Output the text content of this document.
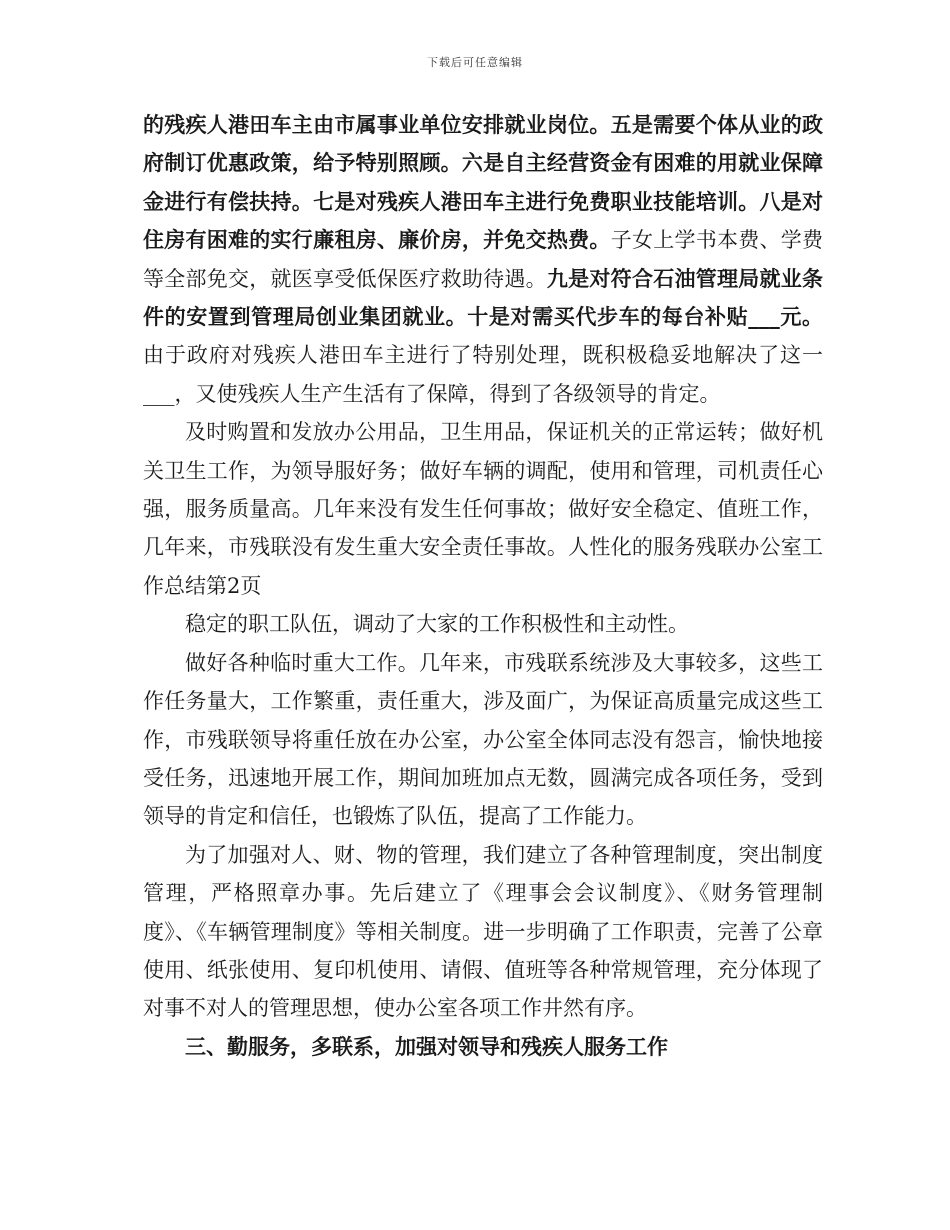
下载后可任意编辑

的残疾人港田车主由市属事业单位安排就业岗位。五是需要个体从业的政府制订优惠政策，给予特别照顾。六是自主经营资金有困难的用就业保障金进行有偿扶持。七是对残疾人港田车主进行免费职业技能培训。八是对住房有困难的实行廉租房、廉价房，并免交热费。子女上学书本费、学费等全部免交，就医享受低保医疗救助待遇。九是对符合石油管理局就业条件的安置到管理局创业集团就业。十是对需买代步车的每台补贴___元。由于政府对残疾人港田车主进行了特别处理，既积极稳妥地解决了这一___，又使残疾人生产生活有了保障，得到了各级领导的肯定。

及时购置和发放办公用品，卫生用品，保证机关的正常运转；做好机关卫生工作，为领导服好务；做好车辆的调配，使用和管理，司机责任心强，服务质量高。几年来没有发生任何事故；做好安全稳定、值班工作，几年来，市残联没有发生重大安全责任事故。人性化的服务残联办公室工作总结第2页

稳定的职工队伍，调动了大家的工作积极性和主动性。

做好各种临时重大工作。几年来，市残联系统涉及大事较多，这些工作任务量大，工作繁重，责任重大，涉及面广，为保证高质量完成这些工作，市残联领导将重任放在办公室，办公室全体同志没有怨言，愉快地接受任务，迅速地开展工作，期间加班加点无数，圆满完成各项任务，受到领导的肯定和信任，也锻炼了队伍，提高了工作能力。

为了加强对人、财、物的管理，我们建立了各种管理制度，突出制度管理，严格照章办事。先后建立了《理事会会议制度》、《财务管理制度》、《车辆管理制度》等相关制度。进一步明确了工作职责，完善了公章使用、纸张使用、复印机使用、请假、值班等各种常规管理，充分体现了对事不对人的管理思想，使办公室各项工作井然有序。

三、勤服务，多联系，加强对领导和残疾人服务工作
